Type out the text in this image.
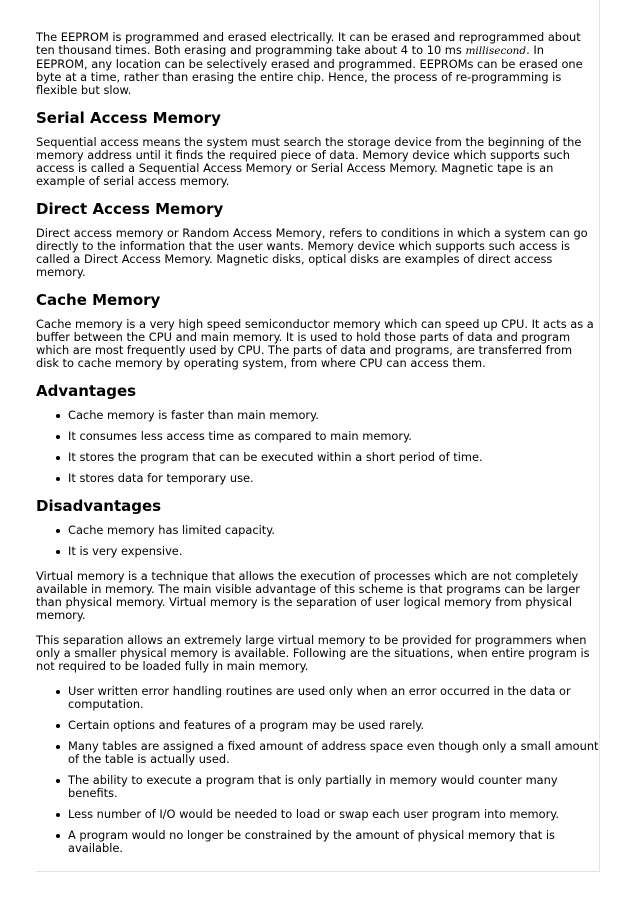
The EEPROM is programmed and erased electrically. It can be erased and reprogrammed about ten thousand times. Both erasing and programming take about 4 to 10 ms millisecond. In EEPROM, any location can be selectively erased and programmed. EEPROMs can be erased one byte at a time, rather than erasing the entire chip. Hence, the process of re-programming is flexible but slow.

Serial Access Memory

Sequential access means the system must search the storage device from the beginning of the memory address until it finds the required piece of data. Memory device which supports such access is called a Sequential Access Memory or Serial Access Memory. Magnetic tape is an example of serial access memory.

Direct Access Memory

Direct access memory or Random Access Memory, refers to conditions in which a system can go directly to the information that the user wants. Memory device which supports such access is called a Direct Access Memory. Magnetic disks, optical disks are examples of direct access memory.

Cache Memory

Cache memory is a very high speed semiconductor memory which can speed up CPU. It acts as a buffer between the CPU and main memory. It is used to hold those parts of data and program which are most frequently used by CPU. The parts of data and programs, are transferred from disk to cache memory by operating system, from where CPU can access them.

Advantages
Cache memory is faster than main memory.
It consumes less access time as compared to main memory.
It stores the program that can be executed within a short period of time.
It stores data for temporary use.
Disadvantages
Cache memory has limited capacity.
It is very expensive.

Virtual memory is a technique that allows the execution of processes which are not completely available in memory. The main visible advantage of this scheme is that programs can be larger than physical memory. Virtual memory is the separation of user logical memory from physical memory.

This separation allows an extremely large virtual memory to be provided for programmers when only a smaller physical memory is available. Following are the situations, when entire program is not required to be loaded fully in main memory.

User written error handling routines are used only when an error occurred in the data or computation.
Certain options and features of a program may be used rarely.
Many tables are assigned a fixed amount of address space even though only a small amount of the table is actually used.
The ability to execute a program that is only partially in memory would counter many benefits.
Less number of I/O would be needed to load or swap each user program into memory.
A program would no longer be constrained by the amount of physical memory that is available.
